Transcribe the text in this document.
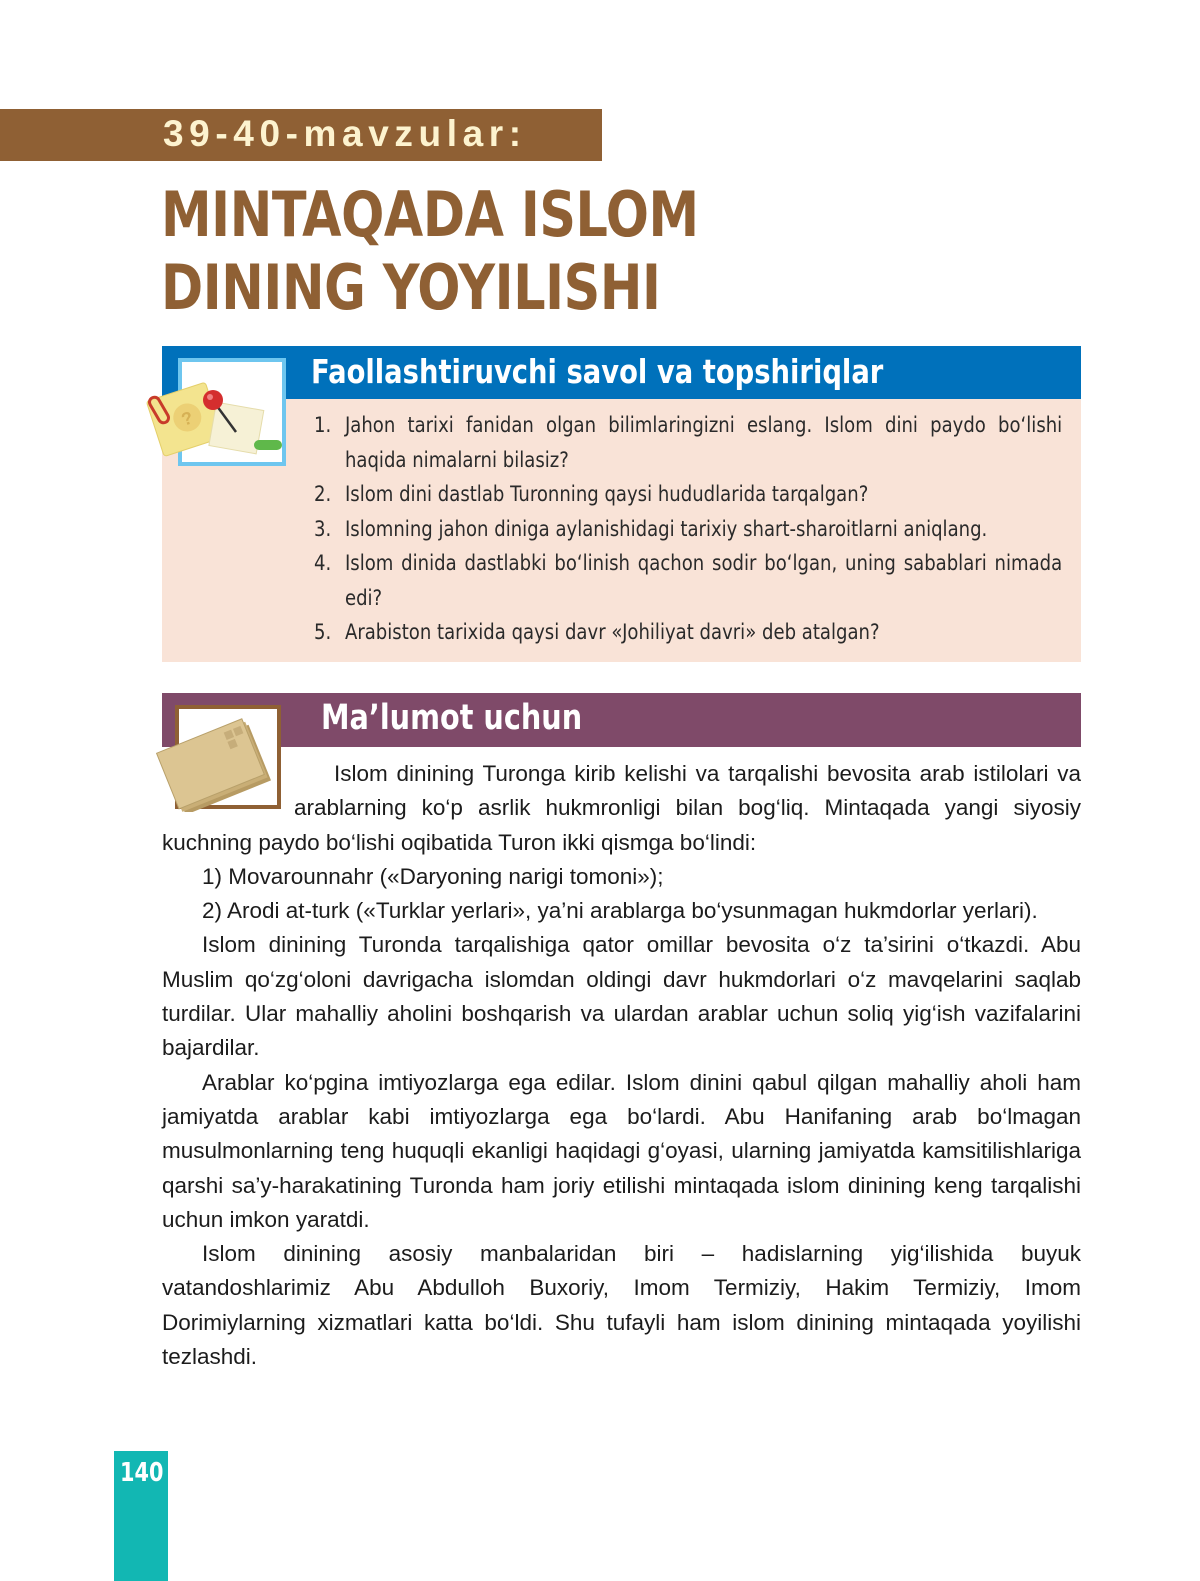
39-40-mavzular:
MINTAQADA ISLOM
DINING YOYILISHI
Faollashtiruvchi savol va topshiriqlar
?	1. Jahon tarixi fanidan olgan bilimlaringizni eslang. Islom dini paydo bo‘lishi haqida nimalarni bilasiz?
2. Islom dini dastlab Turonning qaysi hududlarida tarqalgan?
3. Islomning jahon diniga aylanishidagi tarixiy shart-sharoitlarni aniqlang.
4. Islom dinida dastlabki bo‘linish qachon sodir bo‘lgan, uning sabablari nimada edi?
5. Arabiston tarixida qaysi davr «Johiliyat davri» deb atalgan?
Ma’lumot uchun

Islom dinining Turonga kirib kelishi va tarqalishi bevosita arab istilolari va arablarning ko‘p asrlik hukmronligi bilan bog‘liq. Mintaqada yangi siyosiy kuchning paydo bo‘lishi oqibatida Turon ikki qismga bo‘lindi:

1) Movarounnahr («Daryoning narigi tomoni»);

2) Arodi at-turk («Turklar yerlari», ya’ni arablarga bo‘ysunmagan hukmdorlar yerlari).

Islom dinining Turonda tarqalishiga qator omillar bevosita o‘z ta’sirini o‘tkazdi. Abu Muslim qo‘zg‘oloni davrigacha islomdan oldingi davr hukmdorlari o‘z mavqelarini saqlab turdilar. Ular mahalliy aholini boshqarish va ulardan arablar uchun soliq yig‘ish vazifalarini bajardilar.

Arablar ko‘pgina imtiyozlarga ega edilar. Islom dinini qabul qilgan mahalliy aholi ham jamiyatda arablar kabi imtiyozlarga ega bo‘lardi. Abu Hanifaning arab bo‘lmagan musulmonlarning teng huquqli ekanligi haqidagi g‘oyasi, ularning jamiyatda kamsitilishlariga qarshi sa’y-harakatining Turonda ham joriy etilishi mintaqada islom dinining keng tarqalishi uchun imkon yaratdi.

Islom dinining asosiy manbalaridan biri – hadislarning yig‘ilishida buyuk vatandoshlarimiz Abu Abdulloh Buxoriy, Imom Termiziy, Hakim Termiziy, Imom Dorimiylarning xizmatlari katta bo‘ldi. Shu tufayli ham islom dinining mintaqada yoyilishi tezlashdi.

140
